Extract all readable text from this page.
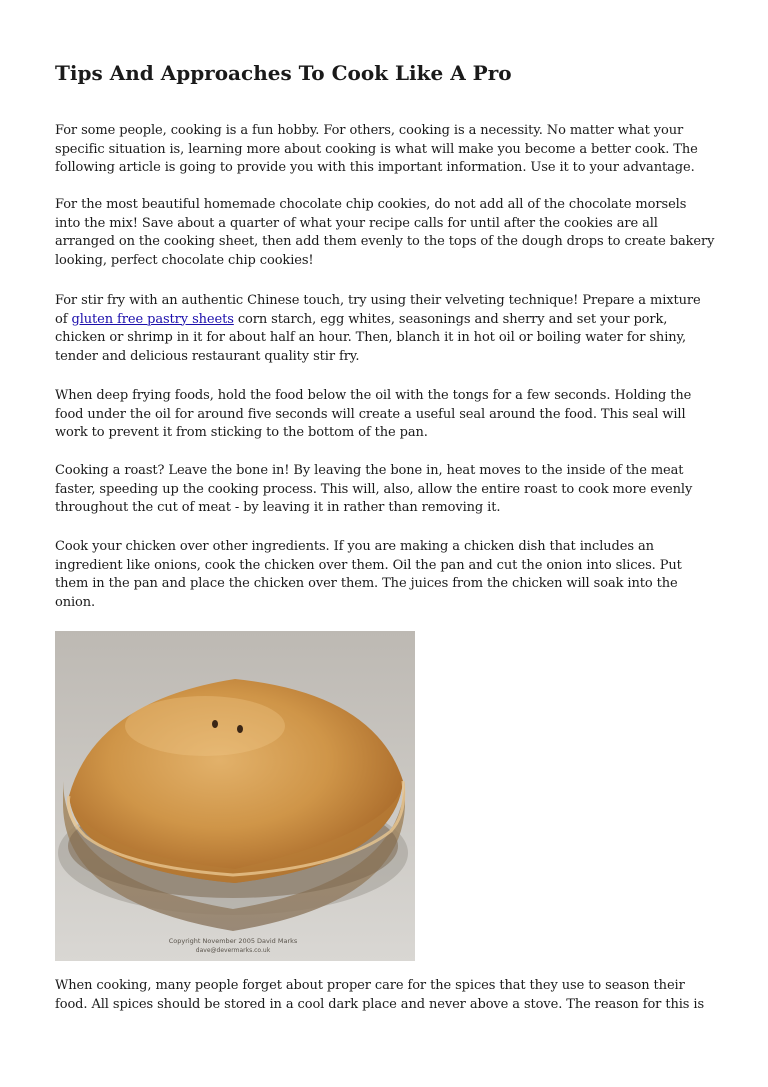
Tips And Approaches To Cook Like A Pro

For some people, cooking is a fun hobby. For others, cooking is a necessity. No matter what your specific situation is, learning more about cooking is what will make you become a better cook. The following article is going to provide you with this important information. Use it to your advantage.

For the most beautiful homemade chocolate chip cookies, do not add all of the chocolate morsels into the mix! Save about a quarter of what your recipe calls for until after the cookies are all arranged on the cooking sheet, then add them evenly to the tops of the dough drops to create bakery looking, perfect chocolate chip cookies!

For stir fry with an authentic Chinese touch, try using their velveting technique! Prepare a mixture of gluten free pastry sheets corn starch, egg whites, seasonings and sherry and set your pork, chicken or shrimp in it for about half an hour. Then, blanch it in hot oil or boiling water for shiny, tender and delicious restaurant quality stir fry.

When deep frying foods, hold the food below the oil with the tongs for a few seconds. Holding the food under the oil for around five seconds will create a useful seal around the food. This seal will work to prevent it from sticking to the bottom of the pan.

Cooking a roast? Leave the bone in! By leaving the bone in, heat moves to the inside of the meat faster, speeding up the cooking process. This will, also, allow the entire roast to cook more evenly throughout the cut of meat - by leaving it in rather than removing it.

Cook your chicken over other ingredients. If you are making a chicken dish that includes an ingredient like onions, cook the chicken over them. Oil the pan and cut the onion into slices. Put them in the pan and place the chicken over them. The juices from the chicken will soak into the onion.

Copyright November 2005 David Marks
dave@devermarks.co.uk

When cooking, many people forget about proper care for the spices that they use to season their food. All spices should be stored in a cool dark place and never above a stove. The reason for this is
